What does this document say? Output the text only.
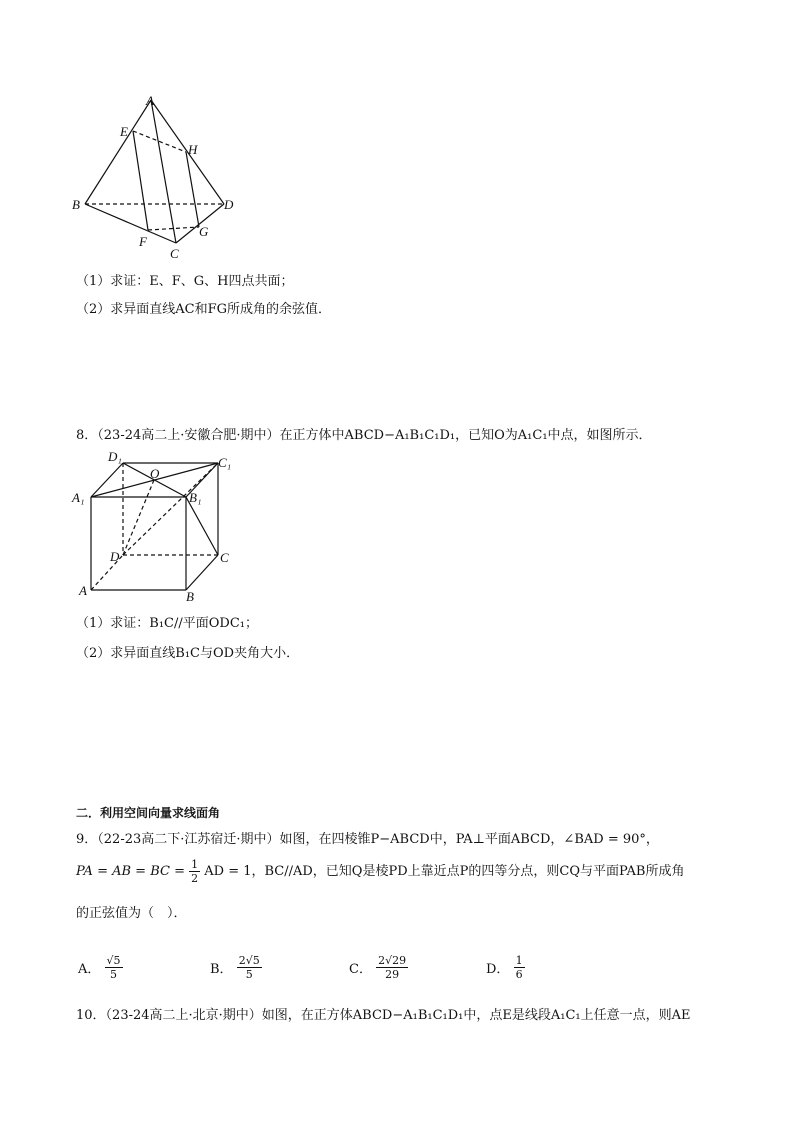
A
E
H
B	D
G
F
C
（1）求证：E、F、G、H四点共面；
（2）求异面直线AC和FG所成角的余弦值．
8．（23-24高二上·安徽合肥·期中）在正方体中ABCD−A₁B₁C₁D₁，已知O为A₁C₁中点，如图所示．
D₁	C₁
O
A₁	B₁
D	C
A	B
（1）求证：B₁C//平面ODC₁；
（2）求异面直线B₁C与OD夹角大小．
二．利用空间向量求线面角
9．（22-23高二下·江苏宿迁·期中）如图，在四棱锥P−ABCD中，PA⊥平面ABCD，∠BAD = 90°，
PA = AB = BC = $\frac{1}{2}$ AD = 1，BC//AD，已知Q是棱PD上靠近点P的四等分点，则CQ与平面PAB所成角
的正弦值为（　）．
A． $\frac{√5}{5}$	B． $\frac{2√5}{5}$	C． $\frac{2√29}{29}$	D． $\frac{1}{6}$
10．（23-24高二上·北京·期中）如图，在正方体ABCD−A₁B₁C₁D₁中，点E是线段A₁C₁上任意一点，则AE
